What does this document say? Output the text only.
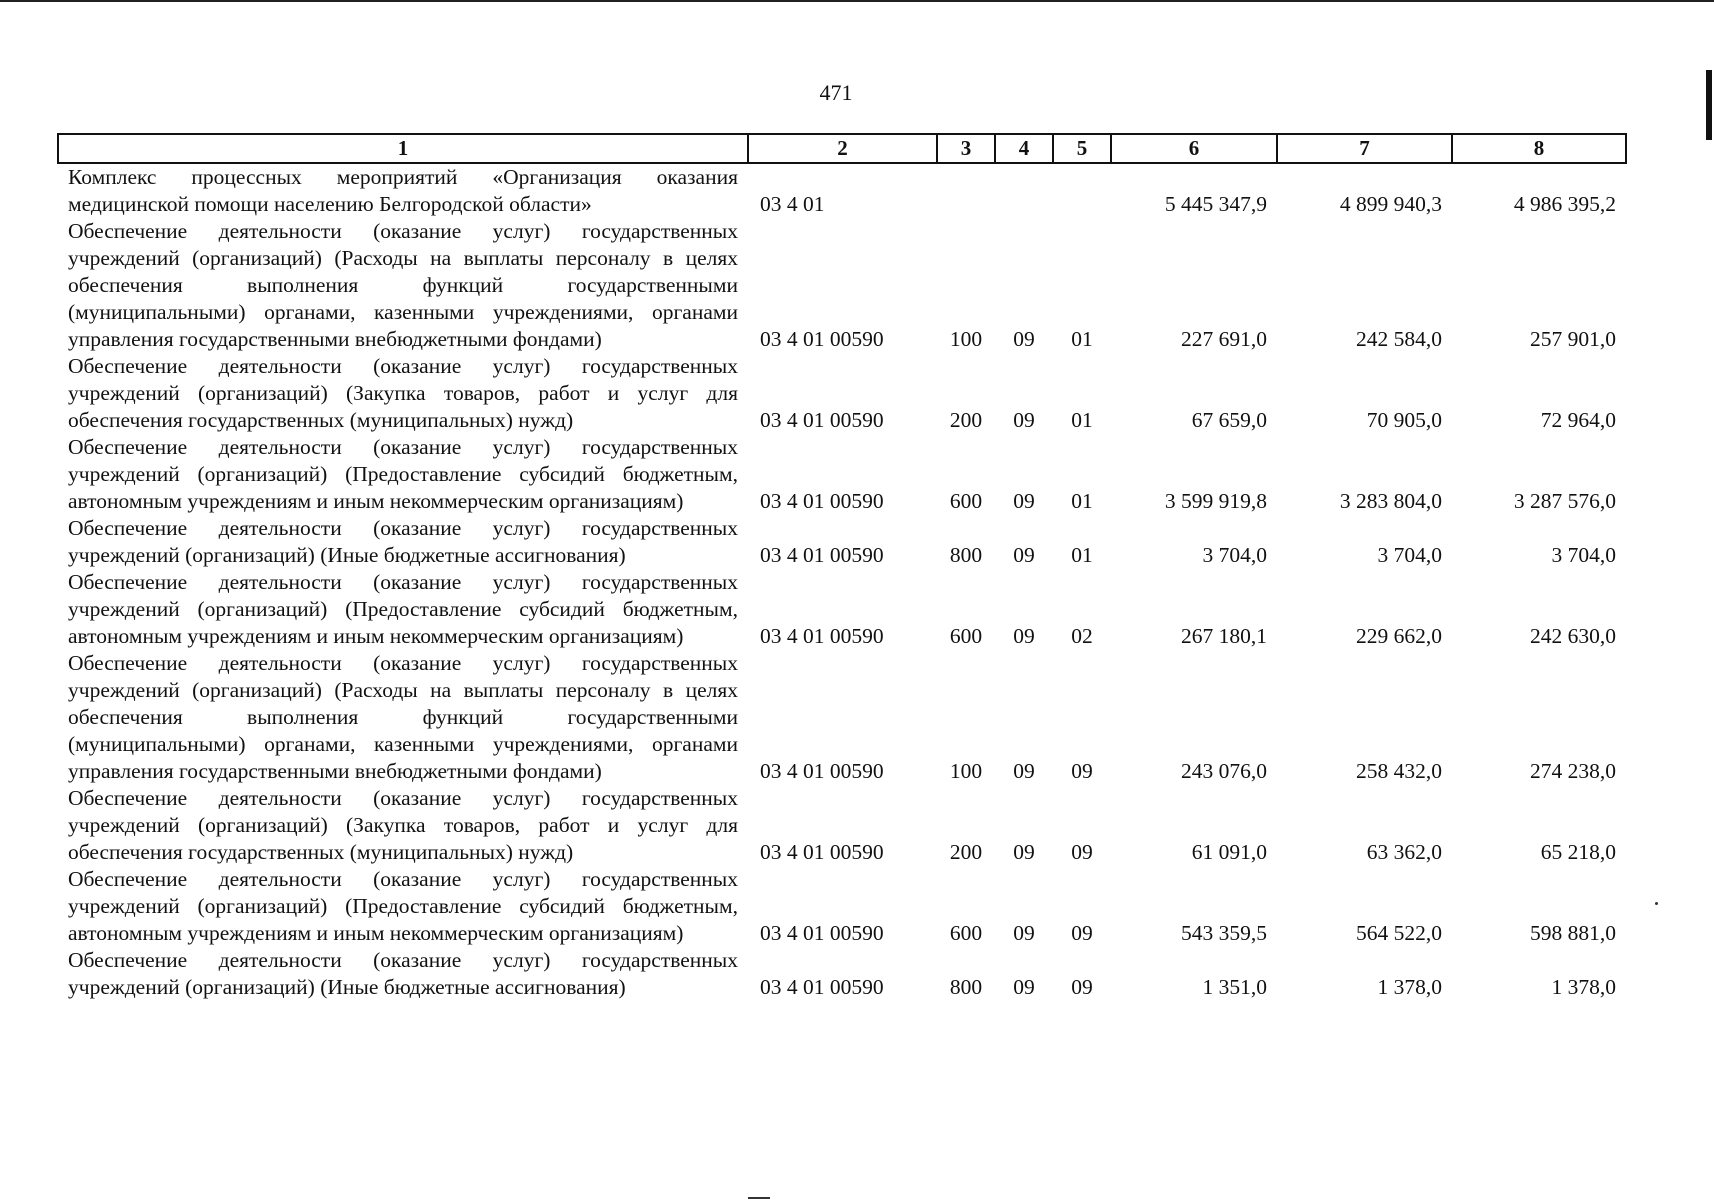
471
1	2	3	4	5	6	7	8
Комплекс процессных мероприятий «Организация оказания медицинской помощи населению Белгородской области»	03 4 01				5 445 347,9	4 899 940,3	4 986 395,2
Обеспечение деятельности (оказание услуг) государственных учреждений (организаций) (Расходы на выплаты персоналу в целях обеспечения выполнения функций государственными (муниципальными) органами, казенными учреждениями, органами управления государственными внебюджетными фондами)	03 4 01 00590	100	09	01	227 691,0	242 584,0	257 901,0
Обеспечение деятельности (оказание услуг) государственных учреждений (организаций) (Закупка товаров, работ и услуг для обеспечения государственных (муниципальных) нужд)	03 4 01 00590	200	09	01	67 659,0	70 905,0	72 964,0
Обеспечение деятельности (оказание услуг) государственных учреждений (организаций) (Предоставление субсидий бюджетным, автономным учреждениям и иным некоммерческим организациям)	03 4 01 00590	600	09	01	3 599 919,8	3 283 804,0	3 287 576,0
Обеспечение деятельности (оказание услуг) государственных учреждений (организаций) (Иные бюджетные ассигнования)	03 4 01 00590	800	09	01	3 704,0	3 704,0	3 704,0
Обеспечение деятельности (оказание услуг) государственных учреждений (организаций) (Предоставление субсидий бюджетным, автономным учреждениям и иным некоммерческим организациям)	03 4 01 00590	600	09	02	267 180,1	229 662,0	242 630,0
Обеспечение деятельности (оказание услуг) государственных учреждений (организаций) (Расходы на выплаты персоналу в целях обеспечения выполнения функций государственными (муниципальными) органами, казенными учреждениями, органами управления государственными внебюджетными фондами)	03 4 01 00590	100	09	09	243 076,0	258 432,0	274 238,0
Обеспечение деятельности (оказание услуг) государственных учреждений (организаций) (Закупка товаров, работ и услуг для обеспечения государственных (муниципальных) нужд)	03 4 01 00590	200	09	09	61 091,0	63 362,0	65 218,0
Обеспечение деятельности (оказание услуг) государственных учреждений (организаций) (Предоставление субсидий бюджетным, автономным учреждениям и иным некоммерческим организациям)	03 4 01 00590	600	09	09	543 359,5	564 522,0	598 881,0
Обеспечение деятельности (оказание услуг) государственных учреждений (организаций) (Иные бюджетные ассигнования)	03 4 01 00590	800	09	09	1 351,0	1 378,0	1 378,0
